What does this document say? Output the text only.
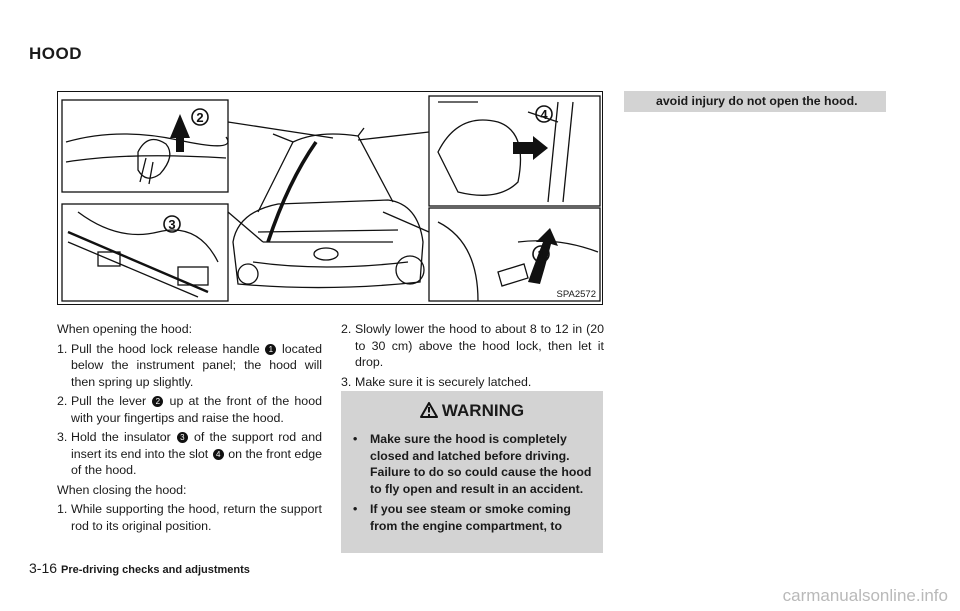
HOOD
2
3
4
1
SPA2572

When opening the hood:

1. Pull the hood lock release handle 1 located below the instrument panel; the hood will then spring up slightly.
2. Pull the lever 2 up at the front of the hood with your fingertips and raise the hood.
3. Hold the insulator 3 of the support rod and insert its end into the slot 4 on the front edge of the hood.

When closing the hood:

1. While supporting the hood, return the support rod to its original position.
2. Slowly lower the hood to about 8 to 12 in (20 to 30 cm) above the hood lock, then let it drop.
3. Make sure it is securely latched.
WARNING
•	Make sure the hood is completely closed and latched before driving. Failure to do so could cause the hood to fly open and result in an accident.
•	If you see steam or smoke coming from the engine compartment, to
avoid injury do not open the hood.
3-16 Pre-driving checks and adjustments
carmanualsonline.info
